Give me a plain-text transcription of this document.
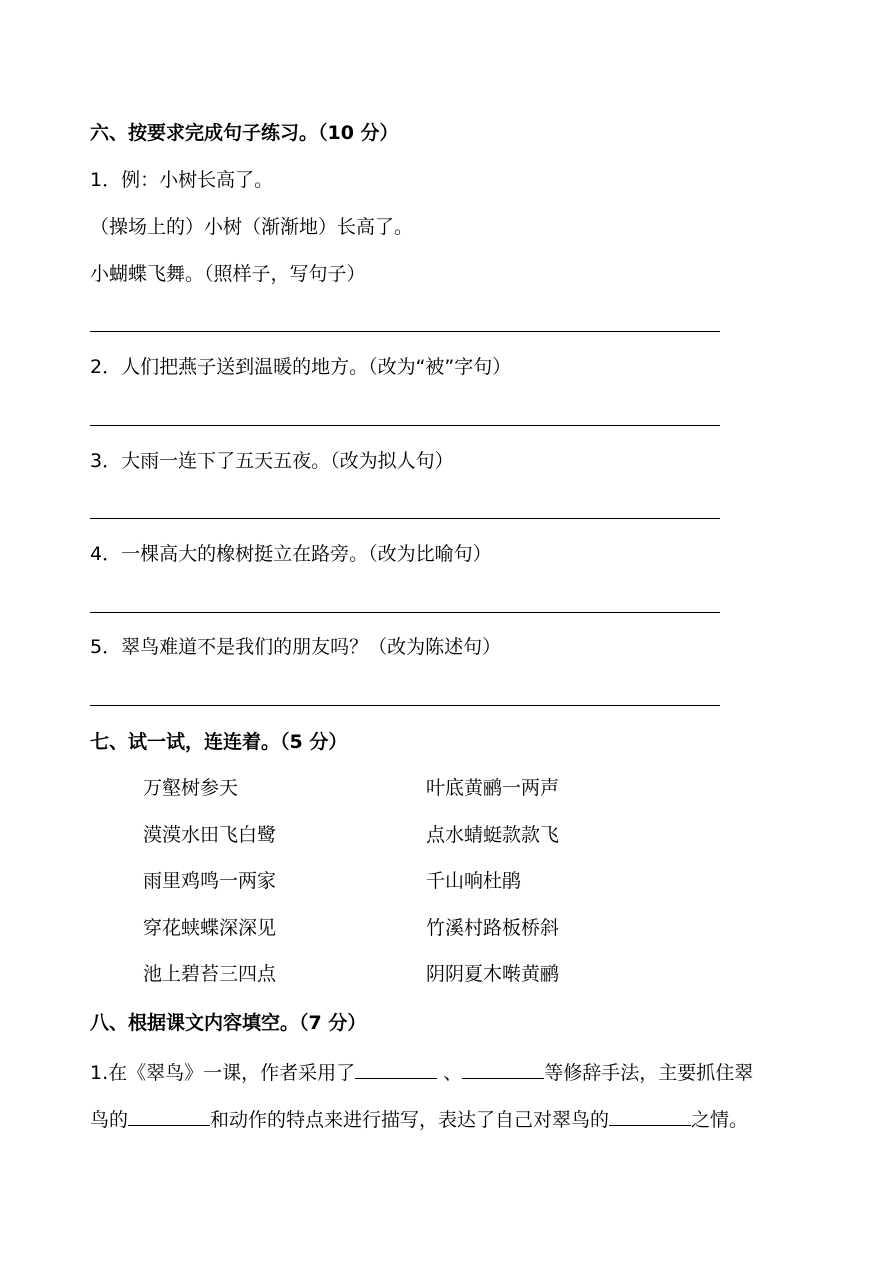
六、按要求完成句子练习。（10 分）
1．例：小树长高了。
（操场上的）小树（渐渐地）长高了。
小蝴蝶飞舞。（照样子，写句子）
2．人们把燕子送到温暖的地方。（改为“被”字句）
3．大雨一连下了五天五夜。（改为拟人句）
4．一棵高大的橡树挺立在路旁。（改为比喻句）
5．翠鸟难道不是我们的朋友吗？（改为陈述句）
七、试一试，连连着。（5 分）
万壑树参天	叶底黄鹂一两声
漠漠水田飞白鹭	点水蜻蜓款款飞
雨里鸡鸣一两家	千山响杜鹃
穿花蛱蝶深深见	竹溪村路板桥斜
池上碧苔三四点	阴阴夏木啭黄鹂
八、根据课文内容填空。（7 分）
1.在《翠鸟》一课，作者采用了	、	等修辞手法，主要抓住翠
鸟的	和动作的特点来进行描写，表达了自己对翠鸟的	之情。
